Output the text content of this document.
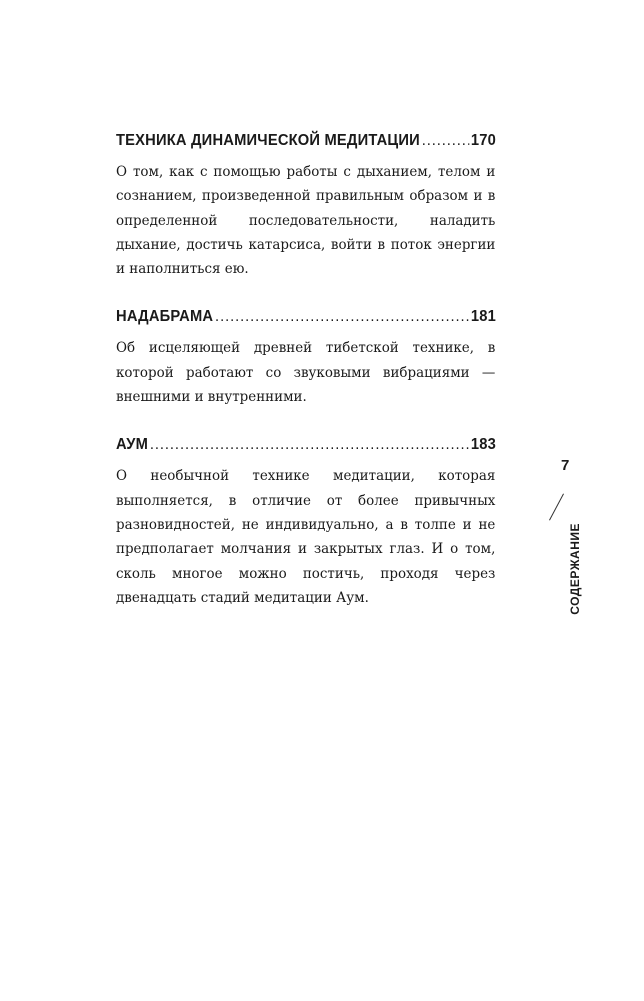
ТЕХНИКА ДИНАМИЧЕСКОЙ МЕДИТАЦИИ .....	170
О том, как с помощью работы с дыханием, телом и сознанием, произведенной правильным образом и в определенной последовательности, наладить дыхание, достичь катарсиса, войти в поток энергии и наполниться ею.
НАДАБРАМА .....	181
Об исцеляющей древней тибетской технике, в которой работают со звуковыми вибрациями — внешними и внутренними.
АУМ .....	183
О необычной технике медитации, которая выполняется, в отличие от более привычных разновидностей, не индивидуально, а в толпе и не предполагает молчания и закрытых глаз. И о том, сколь многое можно постичь, проходя через двенадцать стадий медитации Аум.
7
СОДЕРЖАНИЕ
